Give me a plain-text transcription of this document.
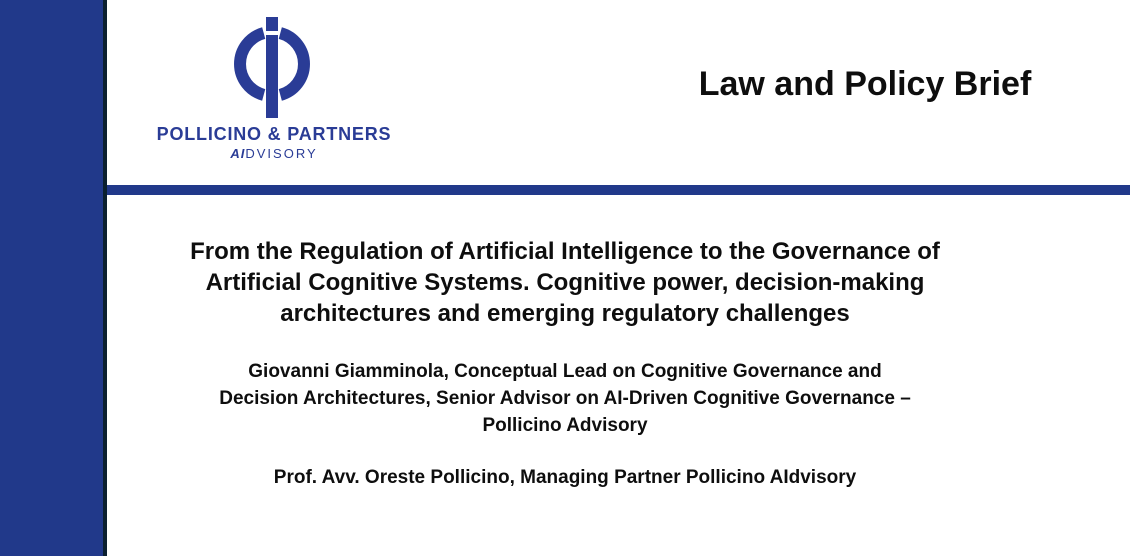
POLLICINO & PARTNERS
AIDVISORY
Law and Policy Brief
From the Regulation of Artificial Intelligence to the Governance of
Artificial Cognitive Systems. Cognitive power, decision-making
architectures and emerging regulatory challenges
Giovanni Giamminola, Conceptual Lead on Cognitive Governance and
Decision Architectures, Senior Advisor on AI-Driven Cognitive Governance –
Pollicino Advisory
Prof. Avv. Oreste Pollicino, Managing Partner Pollicino AIdvisory
